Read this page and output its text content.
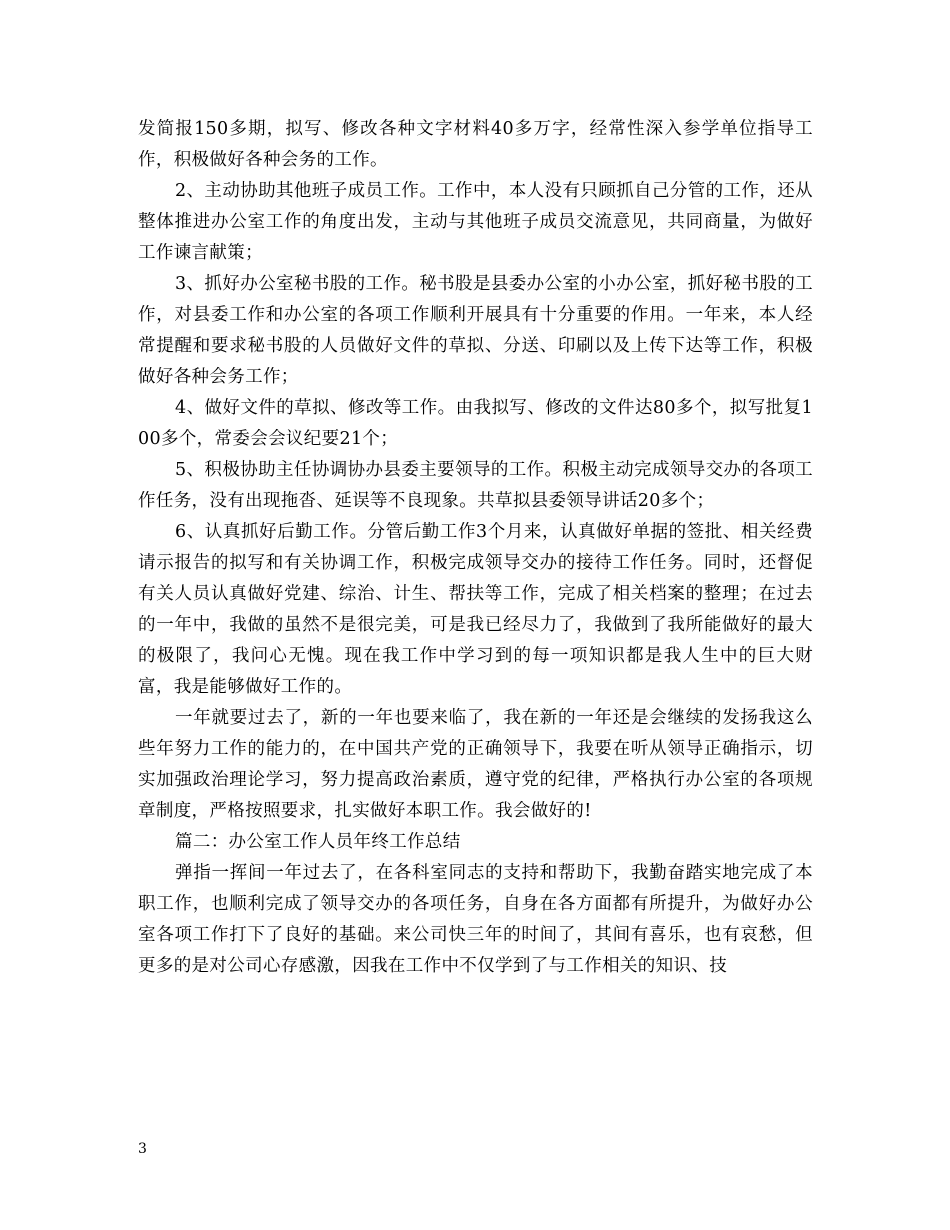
发简报150多期，拟写、修改各种文字材料40多万字，经常性深入参学单位指导工作，积极做好各种会务的工作。

2、主动协助其他班子成员工作。工作中，本人没有只顾抓自己分管的工作，还从整体推进办公室工作的角度出发，主动与其他班子成员交流意见，共同商量，为做好工作谏言献策；

3、抓好办公室秘书股的工作。秘书股是县委办公室的小办公室，抓好秘书股的工作，对县委工作和办公室的各项工作顺利开展具有十分重要的作用。一年来，本人经常提醒和要求秘书股的人员做好文件的草拟、分送、印刷以及上传下达等工作，积极做好各种会务工作；

4、做好文件的草拟、修改等工作。由我拟写、修改的文件达80多个，拟写批复100多个，常委会会议纪要21个；

5、积极协助主任协调协办县委主要领导的工作。积极主动完成领导交办的各项工作任务，没有出现拖沓、延误等不良现象。共草拟县委领导讲话20多个；

6、认真抓好后勤工作。分管后勤工作3个月来，认真做好单据的签批、相关经费请示报告的拟写和有关协调工作，积极完成领导交办的接待工作任务。同时，还督促有关人员认真做好党建、综治、计生、帮扶等工作，完成了相关档案的整理；在过去的一年中，我做的虽然不是很完美，可是我已经尽力了，我做到了我所能做好的最大的极限了，我问心无愧。现在我工作中学习到的每一项知识都是我人生中的巨大财富，我是能够做好工作的。

一年就要过去了，新的一年也要来临了，我在新的一年还是会继续的发扬我这么些年努力工作的能力的，在中国共产党的正确领导下，我要在听从领导正确指示，切实加强政治理论学习，努力提高政治素质，遵守党的纪律，严格执行办公室的各项规章制度，严格按照要求，扎实做好本职工作。我会做好的!

篇二：办公室工作人员年终工作总结

弹指一挥间一年过去了，在各科室同志的支持和帮助下，我勤奋踏实地完成了本职工作，也顺利完成了领导交办的各项任务，自身在各方面都有所提升，为做好办公室各项工作打下了良好的基础。来公司快三年的时间了，其间有喜乐，也有哀愁，但更多的是对公司心存感激，因我在工作中不仅学到了与工作相关的知识、技

3
